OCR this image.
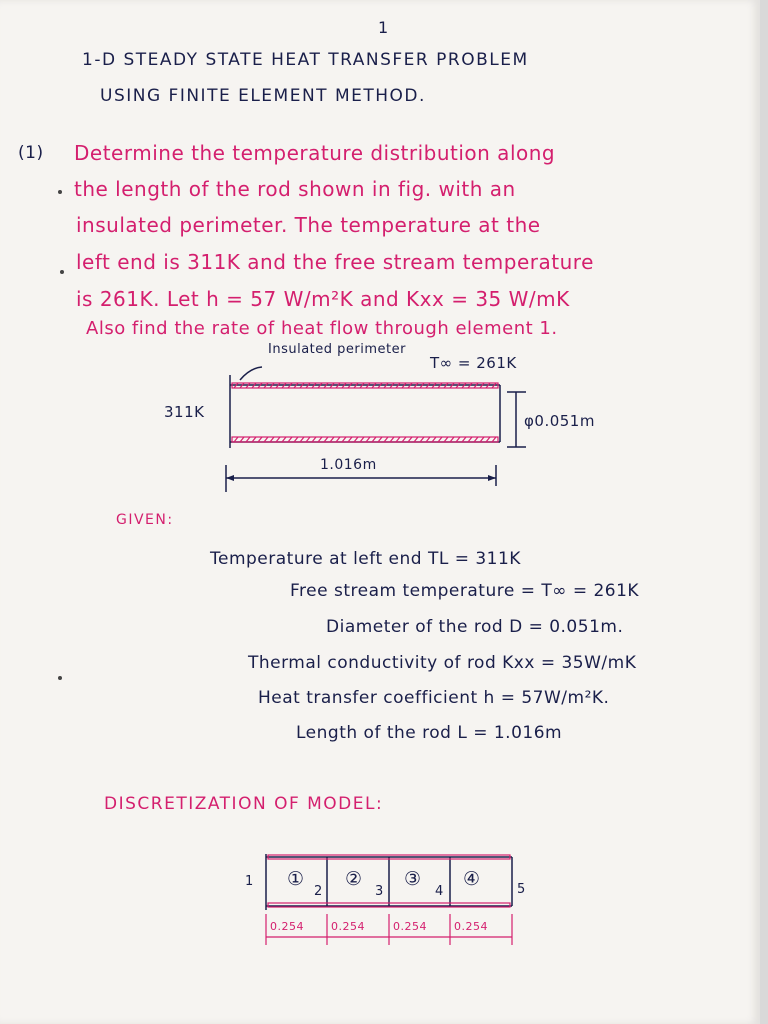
1
1-D STEADY STATE HEAT TRANSFER PROBLEM
USING FINITE ELEMENT METHOD.
(1) Determine the temperature distribution along
the length of the rod shown in fig. with an
insulated perimeter. The temperature at the
left end is 311K and the free stream temperature
is 261K. Let h = 57 W/m²K and Kxx = 35 W/mK
Also find the rate of heat flow through element 1.
Insulated perimeter
T∞ = 261K
311K	φ0.051m
1.016m
GIVEN:
Temperature at left end TL = 311K
Free stream temperature = T∞ = 261K
Diameter of the rod D = 0.051m.
Thermal conductivity of rod Kxx = 35W/mK
Heat transfer coefficient h = 57W/m²K.
Length of the rod L = 1.016m
DISCRETIZATION OF MODEL:
1
2	3	4	5
① ② ③ ④
0.254 0.254	0.254 0.254
